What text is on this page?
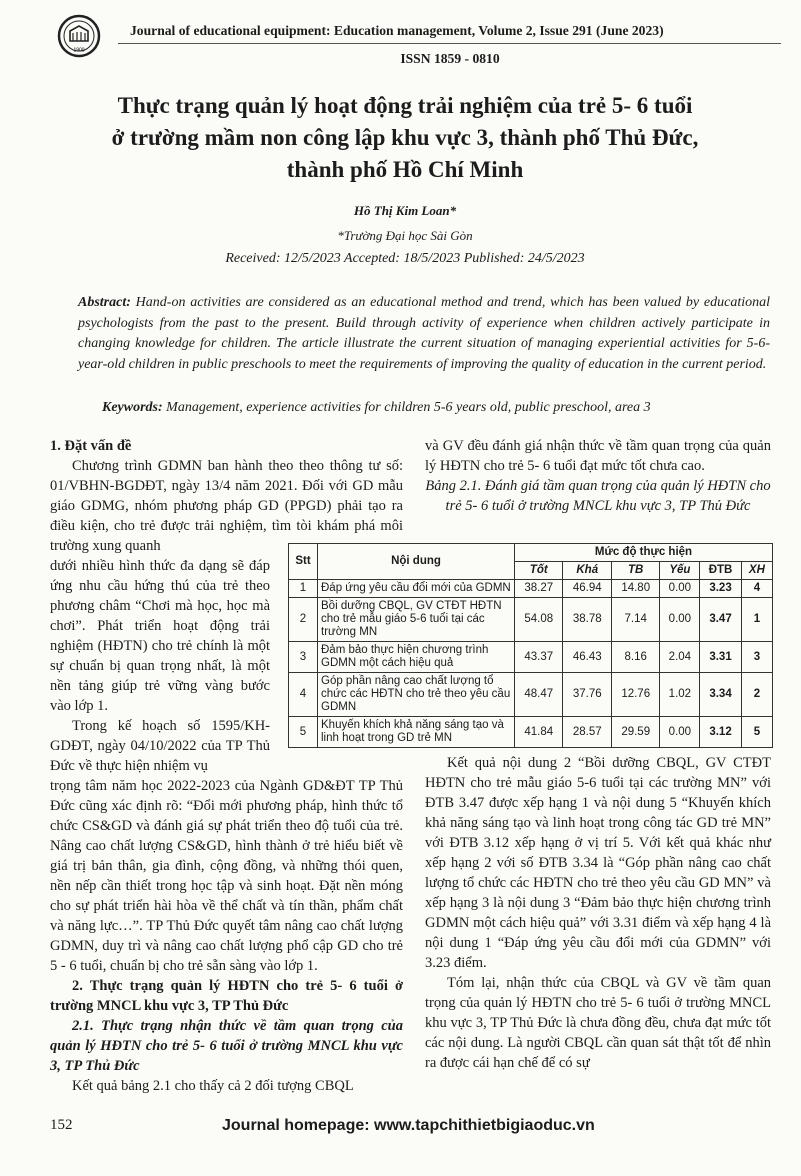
1900
Journal of educational equipment: Education management, Volume 2, Issue 291 (June 2023)
ISSN 1859 - 0810
Thực trạng quản lý hoạt động trải nghiệm của trẻ 5- 6 tuổi
ở trường mầm non công lập khu vực 3, thành phố Thủ Đức,
thành phố Hồ Chí Minh
Hồ Thị Kim Loan*
*Trường Đại học Sài Gòn
Received: 12/5/2023 Accepted: 18/5/2023 Published: 24/5/2023
Abstract: Hand-on activities are considered as an educational method and trend, which has been valued by educational psychologists from the past to the present. Build through activity of experience when children actively participate in changing knowledge for children. The article illustrate the current situation of managing experiential activities for 5-6-year-old children in public preschools to meet the requirements of improving the quality of education in the current period.
Keywords: Management, experience activities for children 5-6 years old, public preschool, area 3

1. Đặt vấn đề

Chương trình GDMN ban hành theo theo thông tư số: 01/VBHN-BGDĐT, ngày 13/4 năm 2021. Đối với GD mẫu giáo GDMG, nhóm phương pháp GD (PPGD) phải tạo ra điều kiện, cho trẻ được trải nghiệm, tìm tòi khám phá môi trường xung quanh

dưới nhiều hình thức đa dạng sẽ đáp ứng nhu cầu hứng thú của trẻ theo phương châm “Chơi mà học, học mà chơi”. Phát triển hoạt động trải nghiệm (HĐTN) cho trẻ chính là một sự chuẩn bị quan trọng nhất, là một nền tảng giúp trẻ vững vàng bước vào lớp 1.

Trong kế hoạch số 1595/KH-GDĐT, ngày 04/10/2022 của TP Thủ Đức về thực hiện nhiệm vụ

trọng tâm năm học 2022-2023 của Ngành GD&ĐT TP Thủ Đức cũng xác định rõ: “Đổi mới phương pháp, hình thức tổ chức CS&GD và đánh giá sự phát triển theo độ tuổi của trẻ. Nâng cao chất lượng CS&GD, hình thành ở trẻ hiểu biết về giá trị bản thân, gia đình, cộng đồng, và những thói quen, nền nếp cần thiết trong học tập và sinh hoạt. Đặt nền móng cho sự phát triển hài hòa về thể chất và tín thần, phẩm chất và năng lực…”. TP Thủ Đức quyết tâm nâng cao chất lượng GDMN, duy trì và nâng cao chất lượng phổ cập GD cho trẻ 5 - 6 tuổi, chuẩn bị cho trẻ sẵn sàng vào lớp 1.

2. Thực trạng quản lý HĐTN cho trẻ 5- 6 tuổi ở trường MNCL khu vực 3, TP Thủ Đức

2.1. Thực trạng nhận thức về tầm quan trọng của quản lý HĐTN cho trẻ 5- 6 tuổi ở trường MNCL khu vực 3, TP Thủ Đức

Kết quả bảng 2.1 cho thấy cả 2 đối tượng CBQL

và GV đều đánh giá nhận thức về tầm quan trọng của quản lý HĐTN cho trẻ 5- 6 tuổi đạt mức tốt chưa cao.

Bảng 2.1. Đánh giá tầm quan trọng của quản lý HĐTN cho trẻ 5- 6 tuổi ở trường MNCL khu vực 3, TP Thủ Đức

Stt	Nội dung	Mức độ thực hiện					
		Tốt	Khá	TB	Yếu	ĐTB	XH
1	Đáp ứng yêu cầu đổi mới của GDMN	38.27	46.94	14.80	0.00	3.23	4
2	Bồi dưỡng CBQL, GV CTĐT HĐTN cho trẻ mẫu giáo 5-6 tuổi tại các trường MN	54.08	38.78	7.14	0.00	3.47	1
3	Đảm bảo thực hiện chương trình GDMN một cách hiệu quả	43.37	46.43	8.16	2.04	3.31	3
4	Góp phần nâng cao chất lượng tổ chức các HĐTN cho trẻ theo yêu cầu GDMN	48.47	37.76	12.76	1.02	3.34	2
5	Khuyến khích khả năng sáng tạo và linh hoạt trong GD trẻ MN	41.84	28.57	29.59	0.00	3.12	5

Kết quả nội dung 2 “Bồi dưỡng CBQL, GV CTĐT HĐTN cho trẻ mẫu giáo 5-6 tuổi tại các trường MN” với ĐTB 3.47 được xếp hạng 1 và nội dung 5 “Khuyến khích khả năng sáng tạo và linh hoạt trong công tác GD trẻ MN” với ĐTB 3.12 xếp hạng ở vị trí 5. Với kết quả khác như xếp hạng 2 với số ĐTB 3.34 là “Góp phần nâng cao chất lượng tổ chức các HĐTN cho trẻ theo yêu cầu GD MN” và xếp hạng 3 là nội dung 3 “Đảm bảo thực hiện chương trình GDMN một cách hiệu quả” với 3.31 điểm và xếp hạng 4 là nội dung 1 “Đáp ứng yêu cầu đổi mới của GDMN” với 3.23 điểm.

Tóm lại, nhận thức của CBQL và GV về tầm quan trọng của quản lý HĐTN cho trẻ 5- 6 tuổi ở trường MNCL khu vực 3, TP Thủ Đức là chưa đồng đều, chưa đạt mức tốt các nội dung. Là người CBQL cần quan sát thật tốt để nhìn ra được cái hạn chế để có sự

152	Journal homepage: www.tapchithietbigiaoduc.vn
